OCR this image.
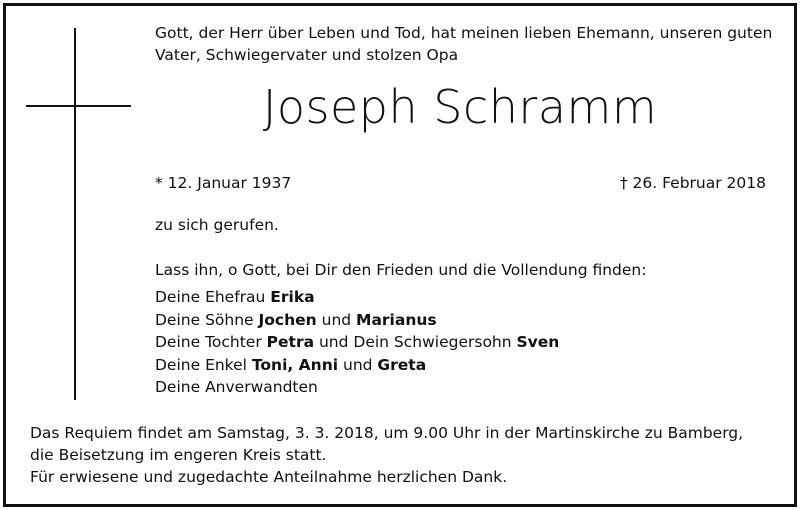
Gott, der Herr über Leben und Tod, hat meinen lieben Ehemann, unseren guten
Vater, Schwiegervater und stolzen Opa
Joseph Schramm
* 12. Januar 1937	† 26. Februar 2018
zu sich gerufen.
Lass ihn, o Gott, bei Dir den Frieden und die Vollendung finden:
Deine Ehefrau Erika
Deine Söhne Jochen und Marianus
Deine Tochter Petra und Dein Schwiegersohn Sven
Deine Enkel Toni, Anni und Greta
Deine Anverwandten
Das Requiem findet am Samstag, 3. 3. 2018, um 9.00 Uhr in der Martinskirche zu Bamberg,
die Beisetzung im engeren Kreis statt.
Für erwiesene und zugedachte Anteilnahme herzlichen Dank.
